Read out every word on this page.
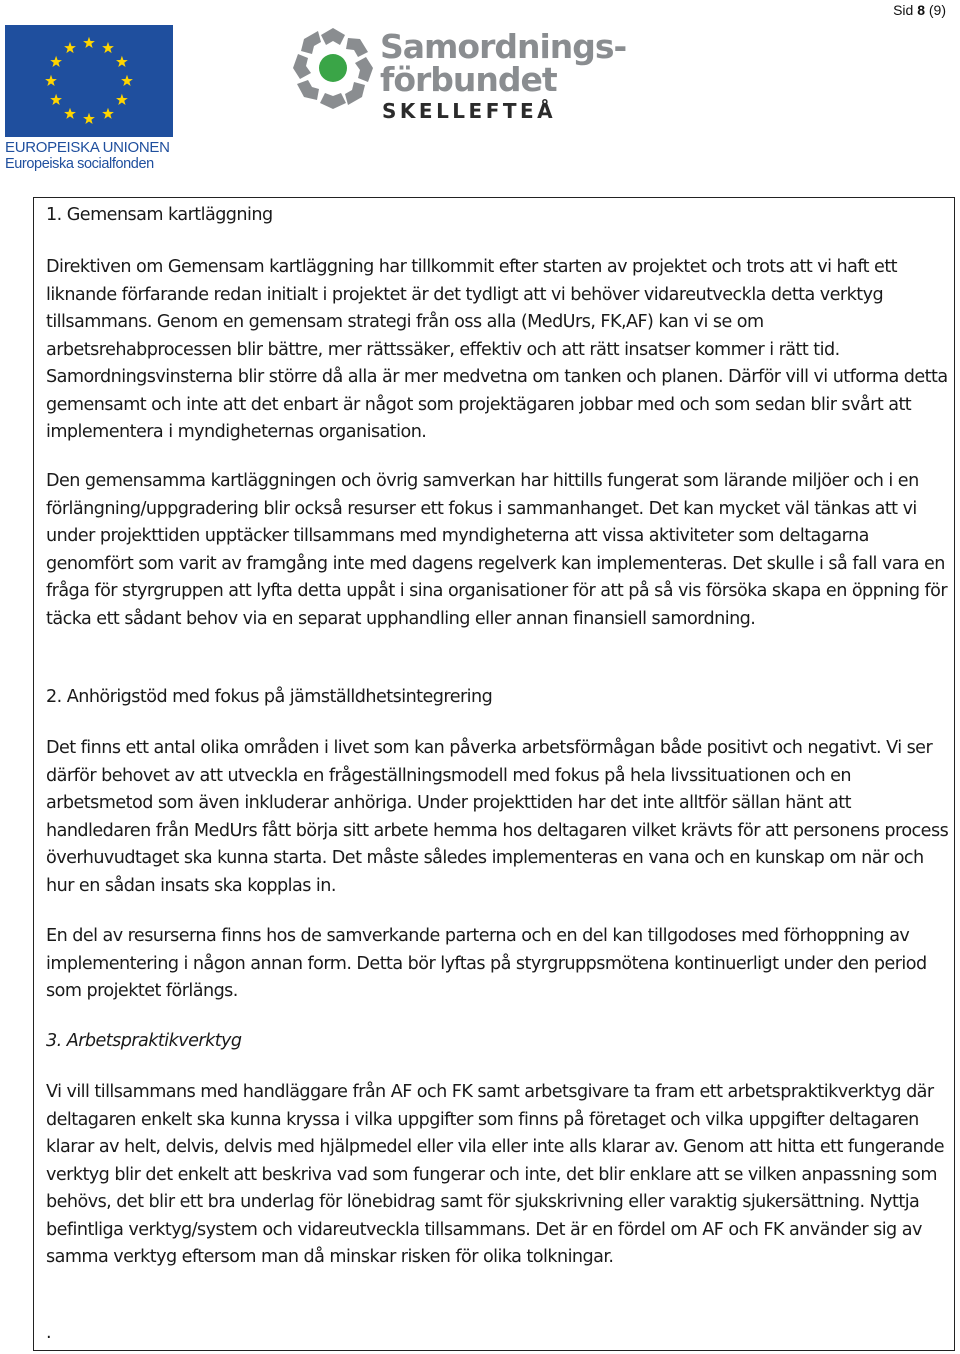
Sid 8 (9)
EUROPEISKA UNIONEN
Europeiska socialfonden
Samordnings-
förbundet
SKELLEFTEÅ

1. Gemensam kartläggning

Direktiven om Gemensam kartläggning har tillkommit efter starten av projektet och trots att vi haft ett liknande förfarande redan initialt i projektet är det tydligt att vi behöver vidareutveckla detta verktyg tillsammans. Genom en gemensam strategi från oss alla (MedUrs, FK,AF) kan vi se om arbetsrehabprocessen blir bättre, mer rättssäker, effektiv och att rätt insatser kommer i rätt tid. Samordningsvinsterna blir större då alla är mer medvetna om tanken och planen. Därför vill vi utforma detta gemensamt och inte att det enbart är något som projektägaren jobbar med och som sedan blir svårt att implementera i myndigheternas organisation.

Den gemensamma kartläggningen och övrig samverkan har hittills fungerat som lärande miljöer och i en förlängning/uppgradering blir också resurser ett fokus i sammanhanget. Det kan mycket väl tänkas att vi under projekttiden upptäcker tillsammans med myndigheterna att vissa aktiviteter som deltagarna genomfört som varit av framgång inte med dagens regelverk kan implementeras. Det skulle i så fall vara en fråga för styrgruppen att lyfta detta uppåt i sina organisationer för att på så vis försöka skapa en öppning för täcka ett sådant behov via en separat upphandling eller annan finansiell samordning.

2. Anhörigstöd med fokus på jämställdhetsintegrering

Det finns ett antal olika områden i livet som kan påverka arbetsförmågan både positivt och negativt. Vi ser därför behovet av att utveckla en frågeställningsmodell med fokus på hela livssituationen och en arbetsmetod som även inkluderar anhöriga. Under projekttiden har det inte alltför sällan hänt att handledaren från MedUrs fått börja sitt arbete hemma hos deltagaren vilket krävts för att personens process överhuvudtaget ska kunna starta. Det måste således implementeras en vana och en kunskap om när och hur en sådan insats ska kopplas in.

En del av resurserna finns hos de samverkande parterna och en del kan tillgodoses med förhoppning av implementering i någon annan form. Detta bör lyftas på styrgruppsmötena kontinuerligt under den period som projektet förlängs.

3. Arbetspraktikverktyg

Vi vill tillsammans med handläggare från AF och FK samt arbetsgivare ta fram ett arbetspraktikverktyg där deltagaren enkelt ska kunna kryssa i vilka uppgifter som finns på företaget och vilka uppgifter deltagaren klarar av helt, delvis, delvis med hjälpmedel eller vila eller inte alls klarar av. Genom att hitta ett fungerande verktyg blir det enkelt att beskriva vad som fungerar och inte, det blir enklare att se vilken anpassning som behövs, det blir ett bra underlag för lönebidrag samt för sjukskrivning eller varaktig sjukersättning. Nyttja befintliga verktyg/system och vidareutveckla tillsammans. Det är en fördel om AF och FK använder sig av samma verktyg eftersom man då minskar risken för olika tolkningar.

.
